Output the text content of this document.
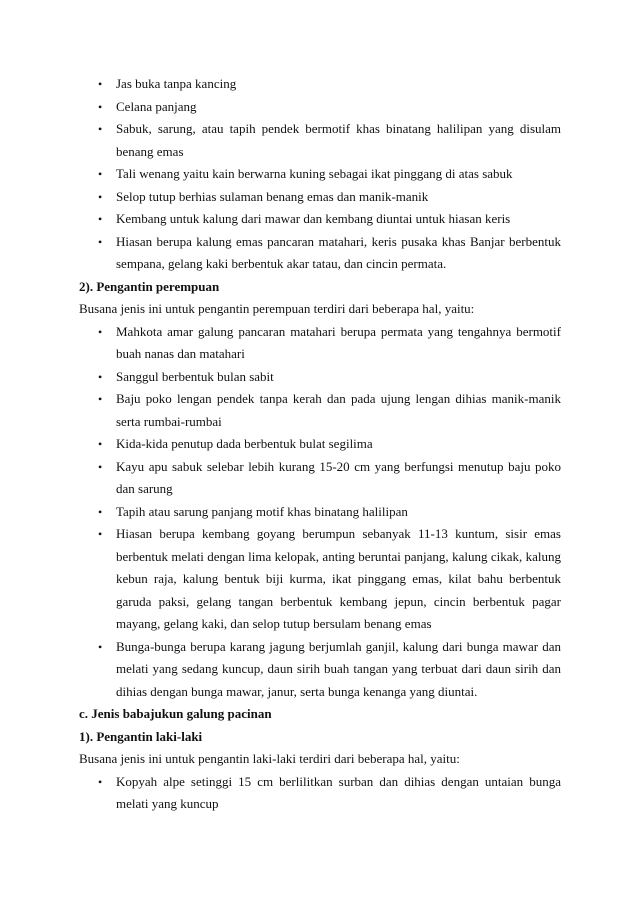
• Jas buka tanpa kancing
• Celana panjang
• Sabuk, sarung, atau tapih pendek bermotif khas binatang halilipan yang disulam benang emas
• Tali wenang yaitu kain berwarna kuning sebagai ikat pinggang di atas sabuk
• Selop tutup berhias sulaman benang emas dan manik-manik
• Kembang untuk kalung dari mawar dan kembang diuntai untuk hiasan keris
• Hiasan berupa kalung emas pancaran matahari, keris pusaka khas Banjar berbentuk sempana, gelang kaki berbentuk akar tatau, dan cincin permata.
2). Pengantin perempuan

Busana jenis ini untuk pengantin perempuan terdiri dari beberapa hal, yaitu:

• Mahkota amar galung pancaran matahari berupa permata yang tengahnya bermotif buah nanas dan matahari
• Sanggul berbentuk bulan sabit
• Baju poko lengan pendek tanpa kerah dan pada ujung lengan dihias manik-manik serta rumbai-rumbai
• Kida-kida penutup dada berbentuk bulat segilima
• Kayu apu sabuk selebar lebih kurang 15-20 cm yang berfungsi menutup baju poko dan sarung
• Tapih atau sarung panjang motif khas binatang halilipan
• Hiasan berupa kembang goyang berumpun sebanyak 11-13 kuntum, sisir emas berbentuk melati dengan lima kelopak, anting beruntai panjang, kalung cikak, kalung kebun raja, kalung bentuk biji kurma, ikat pinggang emas, kilat bahu berbentuk garuda paksi, gelang tangan berbentuk kembang jepun, cincin berbentuk pagar mayang, gelang kaki, dan selop tutup bersulam benang emas
• Bunga-bunga berupa karang jagung berjumlah ganjil, kalung dari bunga mawar dan melati yang sedang kuncup, daun sirih buah tangan yang terbuat dari daun sirih dan dihias dengan bunga mawar, janur, serta bunga kenanga yang diuntai.
c. Jenis babajukun galung pacinan
1). Pengantin laki-laki

Busana jenis ini untuk pengantin laki-laki terdiri dari beberapa hal, yaitu:

• Kopyah alpe setinggi 15 cm berlilitkan surban dan dihias dengan untaian bunga melati yang kuncup
